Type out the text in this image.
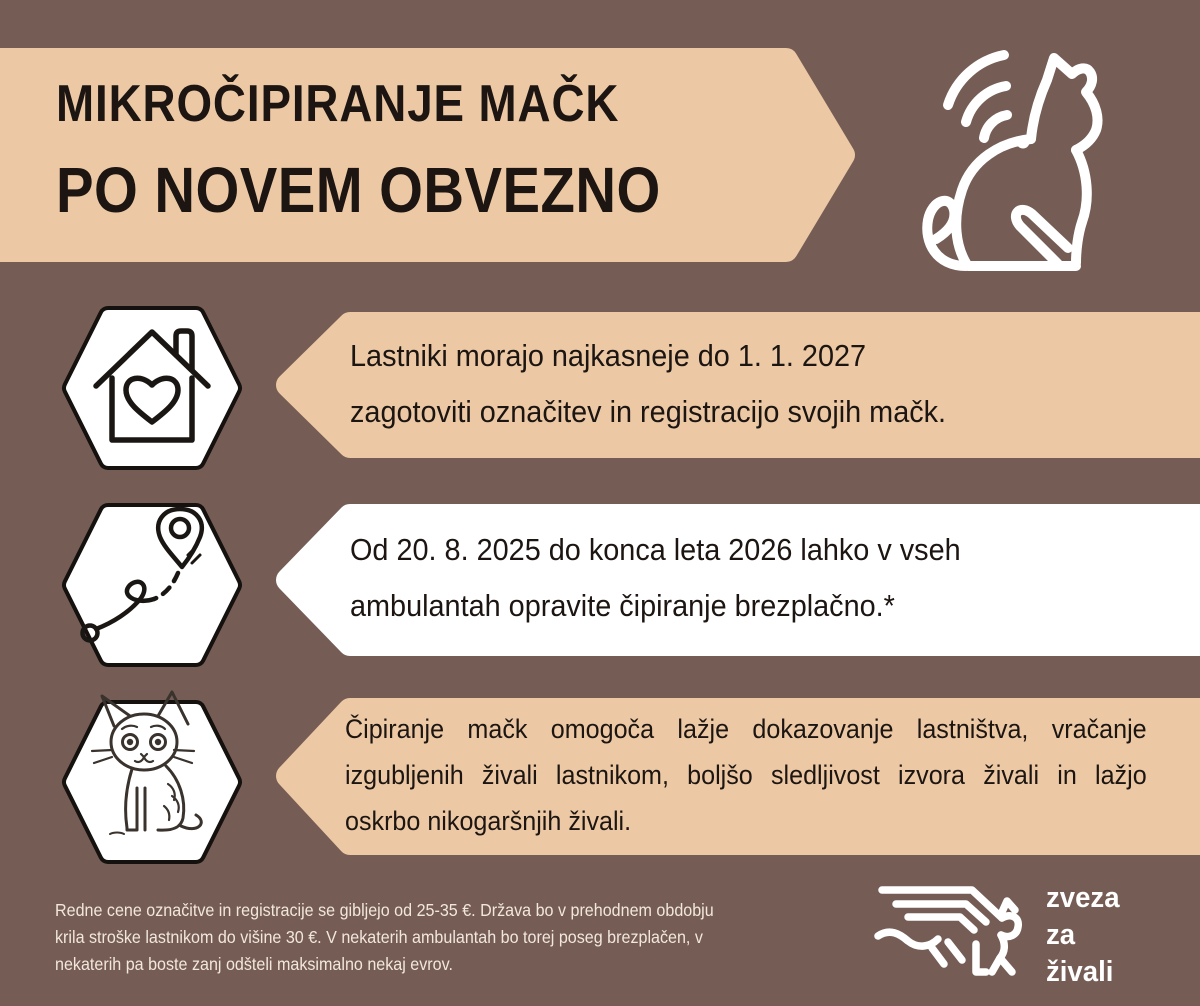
MIKROČIPIRANJE MAČK
PO NOVEM OBVEZNO
Lastniki morajo najkasneje do 1. 1. 2027
zagotoviti označitev in registracijo svojih mačk.
Od 20. 8. 2025 do konca leta 2026 lahko v vseh
ambulantah opravite čipiranje brezplačno.*
Čipiranje mačk omogoča lažje dokazovanje lastništva, vračanje
izgubljenih živali lastnikom, boljšo sledljivost izvora živali in lažjo
oskrbo nikogaršnjih živali.
Redne cene označitve in registracije se gibljejo od 25-35 €. Država bo v prehodnem obdobju
krila stroške lastnikom do višine 30 €. V nekaterih ambulantah bo torej poseg brezplačen, v
nekaterih pa boste zanj odšteli maksimalno nekaj evrov.
zveza
za
živali
